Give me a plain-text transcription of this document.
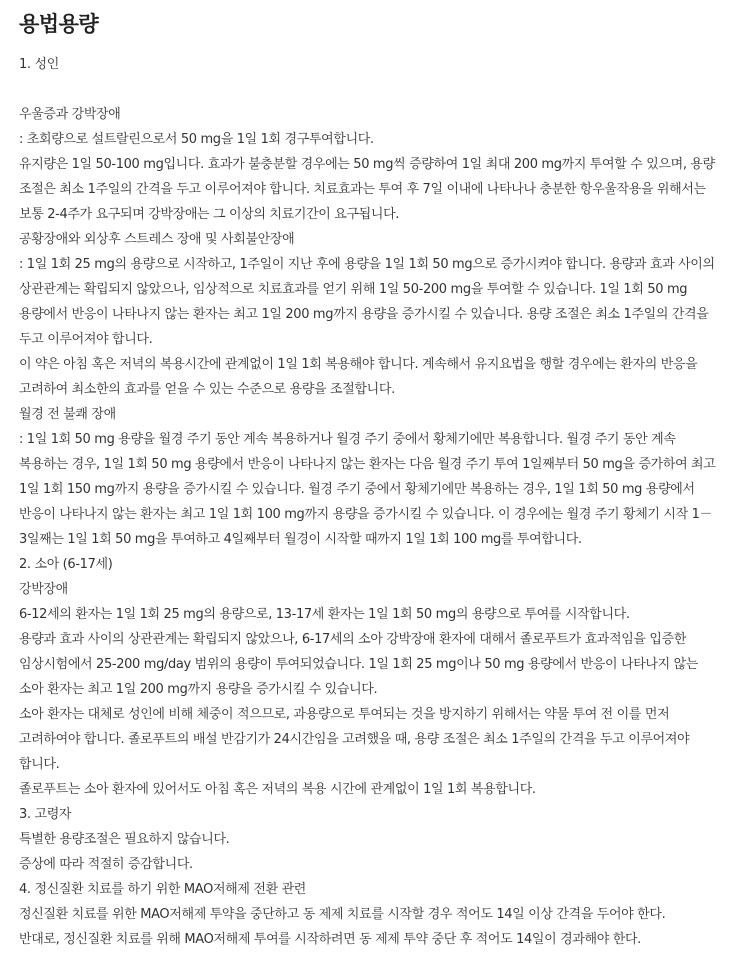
용법용량

1. 성인

우울증과 강박장애

: 초회량으로 설트랄린으로서 50 mg을 1일 1회 경구투여합니다.

유지량은 1일 50-100 mg입니다. 효과가 불충분할 경우에는 50 mg씩 증량하여 1일 최대 200 mg까지 투여할 수 있으며, 용량 조절은 최소 1주일의 간격을 두고 이루어져야 합니다. 치료효과는 투여 후 7일 이내에 나타나나 충분한 항우울작용을 위해서는 보통 2-4주가 요구되며 강박장애는 그 이상의 치료기간이 요구됩니다.

공황장애와 외상후 스트레스 장애 및 사회불안장애

: 1일 1회 25 mg의 용량으로 시작하고, 1주일이 지난 후에 용량을 1일 1회 50 mg으로 증가시켜야 합니다. 용량과 효과 사이의 상관관계는 확립되지 않았으나, 임상적으로 치료효과를 얻기 위해 1일 50-200 mg을 투여할 수 있습니다. 1일 1회 50 mg 용량에서 반응이 나타나지 않는 환자는 최고 1일 200 mg까지 용량을 증가시킬 수 있습니다. 용량 조절은 최소 1주일의 간격을 두고 이루어져야 합니다.

이 약은 아침 혹은 저녁의 복용시간에 관계없이 1일 1회 복용해야 합니다. 계속해서 유지요법을 행할 경우에는 환자의 반응을 고려하여 최소한의 효과를 얻을 수 있는 수준으로 용량을 조절합니다.

월경 전 불쾌 장애

: 1일 1회 50 mg 용량을 월경 주기 동안 계속 복용하거나 월경 주기 중에서 황체기에만 복용합니다. 월경 주기 동안 계속 복용하는 경우, 1일 1회 50 mg 용량에서 반응이 나타나지 않는 환자는 다음 월경 주기 투여 1일째부터 50 mg을 증가하여 최고 1일 1회 150 mg까지 용량을 증가시킬 수 있습니다. 월경 주기 중에서 황체기에만 복용하는 경우, 1일 1회 50 mg 용량에서 반응이 나타나지 않는 환자는 최고 1일 1회 100 mg까지 용량을 증가시킬 수 있습니다. 이 경우에는 월경 주기 황체기 시작 1－3일째는 1일 1회 50 mg을 투여하고 4일째부터 월경이 시작할 때까지 1일 1회 100 mg를 투여합니다.

2. 소아 (6-17세)

강박장애

6-12세의 환자는 1일 1회 25 mg의 용량으로, 13-17세 환자는 1일 1회 50 mg의 용량으로 투여를 시작합니다.

용량과 효과 사이의 상관관계는 확립되지 않았으나, 6-17세의 소아 강박장애 환자에 대해서 졸로푸트가 효과적임을 입증한 임상시험에서 25-200 mg/day 범위의 용량이 투여되었습니다. 1일 1회 25 mg이나 50 mg 용량에서 반응이 나타나지 않는 소아 환자는 최고 1일 200 mg까지 용량을 증가시킬 수 있습니다.

소아 환자는 대체로 성인에 비해 체중이 적으므로, 과용량으로 투여되는 것을 방지하기 위해서는 약물 투여 전 이를 먼저 고려하여야 합니다. 졸로푸트의 배설 반감기가 24시간임을 고려했을 때, 용량 조절은 최소 1주일의 간격을 두고 이루어져야 합니다.

졸로푸트는 소아 환자에 있어서도 아침 혹은 저녁의 복용 시간에 관계없이 1일 1회 복용합니다.

3. 고령자

특별한 용량조절은 필요하지 않습니다.

증상에 따라 적절히 증감합니다.

4. 정신질환 치료를 하기 위한 MAO저해제 전환 관련

정신질환 치료를 위한 MAO저해제 투약을 중단하고 동 제제 치료를 시작할 경우 적어도 14일 이상 간격을 두어야 한다.

반대로, 정신질환 치료를 위해 MAO저해제 투여를 시작하려면 동 제제 투약 중단 후 적어도 14일이 경과해야 한다.
